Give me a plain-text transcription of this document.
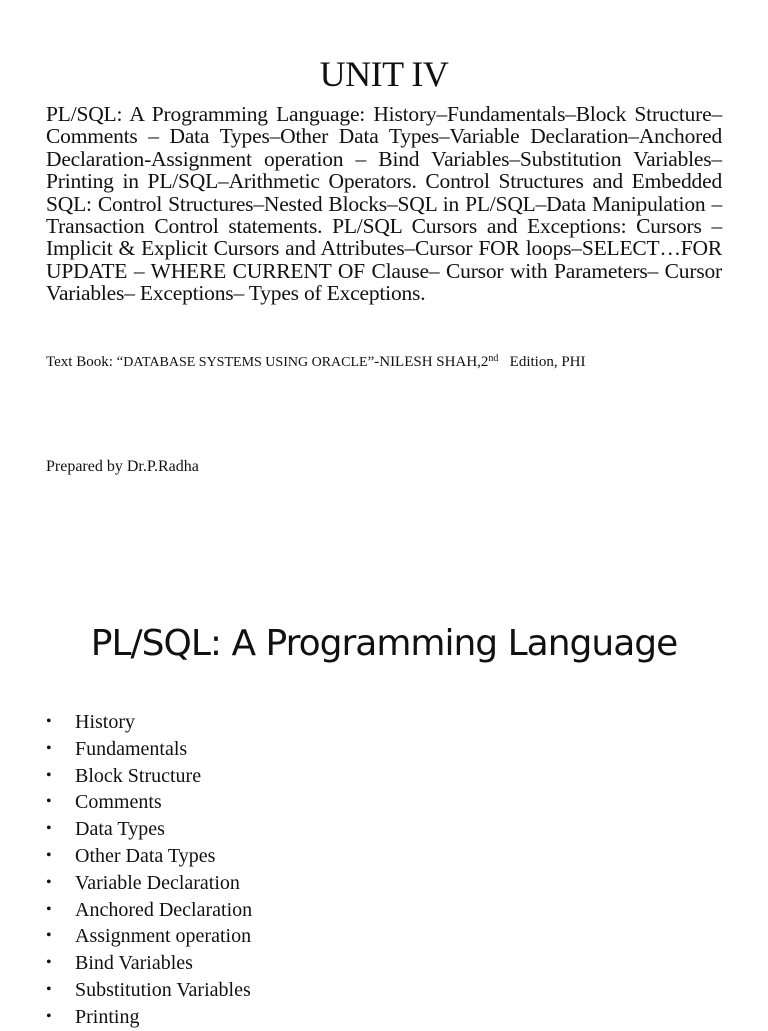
UNIT IV

PL/SQL: A Programming Language: History–Fundamentals–Block Structure–Comments – Data Types–Other Data Types–Variable Declaration–Anchored Declaration-Assignment operation – Bind Variables–Substitution Variables–Printing in PL/SQL–Arithmetic Operators. Control Structures and Embedded SQL: Control Structures–Nested Blocks–SQL in PL/SQL–Data Manipulation –Transaction Control statements. PL/SQL Cursors and Exceptions: Cursors – Implicit & Explicit Cursors and Attributes–Cursor FOR loops–SELECT…FOR UPDATE – WHERE CURRENT OF Clause– Cursor with Parameters– Cursor Variables– Exceptions– Types of Exceptions.

Text Book: “DATABASE SYSTEMS USING ORACLE”-NILESH SHAH,2nd   Edition, PHI
Prepared by Dr.P.Radha
PL/SQL: A Programming Language
• History
• Fundamentals
• Block Structure
• Comments
• Data Types
• Other Data Types
• Variable Declaration
• Anchored Declaration
• Assignment operation
• Bind Variables
• Substitution Variables
• Printing
